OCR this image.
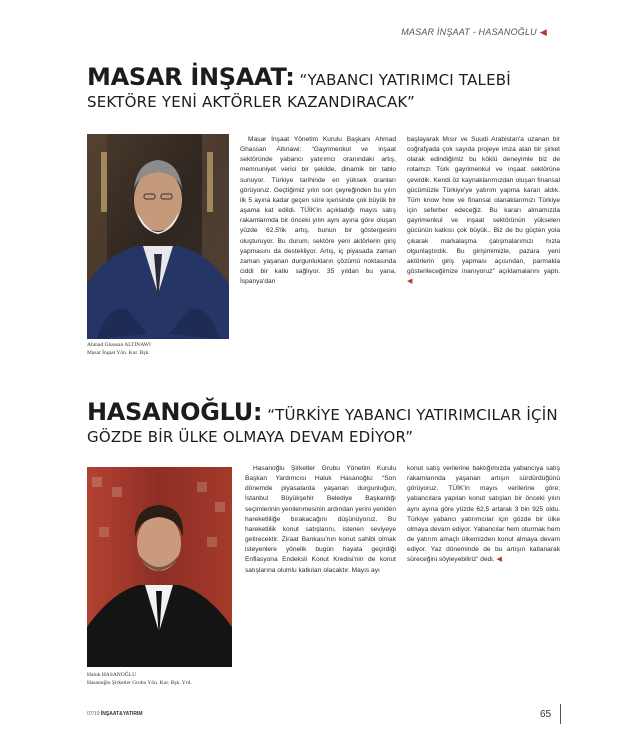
MASAR İNŞAAT - HASANOĞLU ◀
MASAR İNŞAAT: “YABANCI YATIRIMCI TALEBİ
SEKTÖRE YENİ AKTÖRLER KAZANDIRACAK”
Ahmad Ghassan ALTINAWI
Masar İnşaat Yön. Kur. Bşk.

Masar İnşaat Yönetim Kurulu Başkanı Ahmad Ghassan Altınawi: “Gayrimenkul ve inşaat sektöründe yabancı yatırımcı oranındaki artış, memnuniyet verici bir şekilde, dinamik bir tablo sunuyor. Türkiye tarihinde en yüksek oranları görüyoruz. Geçtiğimiz yılın son çeyreğinden bu yılın ilk 5 ayına kadar geçen süre içerisinde çok büyük bir aşama kat edildi. TÜİK'in açıkladığı mayıs satış rakamlarında bir önceki yılın aynı ayına göre oluşan yüzde 62.5'lik artış, bunun bir göstergesini oluşturuyor. Bu durum, sektöre yeni aktörlerin giriş yapmasını da destekliyor. Artış, iç piyasada zaman zaman yaşanan durgunlukların çözümü noktasında ciddi bir katkı sağlıyor. 35 yıldan bu yana, İspanya'dan

başlayarak Mısır ve Suudi Arabistan'a uzanan bir coğrafyada çok sayıda projeye imza atan bir şirket olarak edindiğimiz bu köklü deneyimle biz de rotamızı Türk gayrimenkul ve inşaat sektörüne çevirdik. Kendi öz kaynaklarımızdan oluşan finansal gücümüzle Türkiye'ye yatırım yapma kararı aldık. Tüm know how ve finansal olanaklarımızı Türkiye için seferber edeceğiz. Bu kararı almamızda gayrimenkul ve inşaat sektörünün yükselen gücünün katkısı çok büyük.. Biz de bu güçten yola çıkarak markalaşma çalışmalarımızı hızla olgunlaştırdık. Bu girişimimizle, pazara yeni aktörlerin giriş yapması açısından, parmakla gösterileceğimize inanıyoruz” açıklamalarını yaptı. ◀

HASANOĞLU: “TÜRKİYE YABANCI YATIRIMCILAR İÇİN
GÖZDE BİR ÜLKE OLMAYA DEVAM EDİYOR”
Haluk HASANOĞLU
Hasanoğlu Şirketler Grubu Yön. Kur. Bşk. Yrd.

Hasanoğlu Şirketler Grubu Yönetim Kurulu Başkan Yardımcısı Haluk Hasanoğlu: “Son dönemde piyasalarda yaşanan durgunluğun, İstanbul Büyükşehir Belediye Başkanlığı seçimlerinin yenilenmesinin ardından yerini yeniden hareketliliğe bırakacağını düşünüyoruz. Bu hareketlilik konut satışlarını, istenen seviyeye getirecektir. Ziraat Bankası'nın konut sahibi olmak isteyenlere yönelik bugün hayata geçirdiği Enflasyona Endeksli Konut Kredisi'nin de konut satışlarına olumlu katkıları olacaktır. Mayıs ayı

konut satış verilerine baktığımızda yabancıya satış rakamlarında yaşanan artışın sürdürdüğünü görüyoruz. TÜİK'in mayıs verilerine göre; yabancılara yapılan konut satışları bir önceki yılın aynı ayına göre yüzde 62,5 artarak 3 bin 925 oldu. Türkiye yabancı yatırımcılar için gözde bir ülke olmaya devam ediyor. Yabancılar hem oturmak hem de yatırım amaçlı ülkemizden konut almaya devam ediyor. Yaz döneminde de bu artışın katlanarak süreceğini söyleyebiliriz” dedi. ◀

07/19 İNŞAAT&YATIRIM	65
